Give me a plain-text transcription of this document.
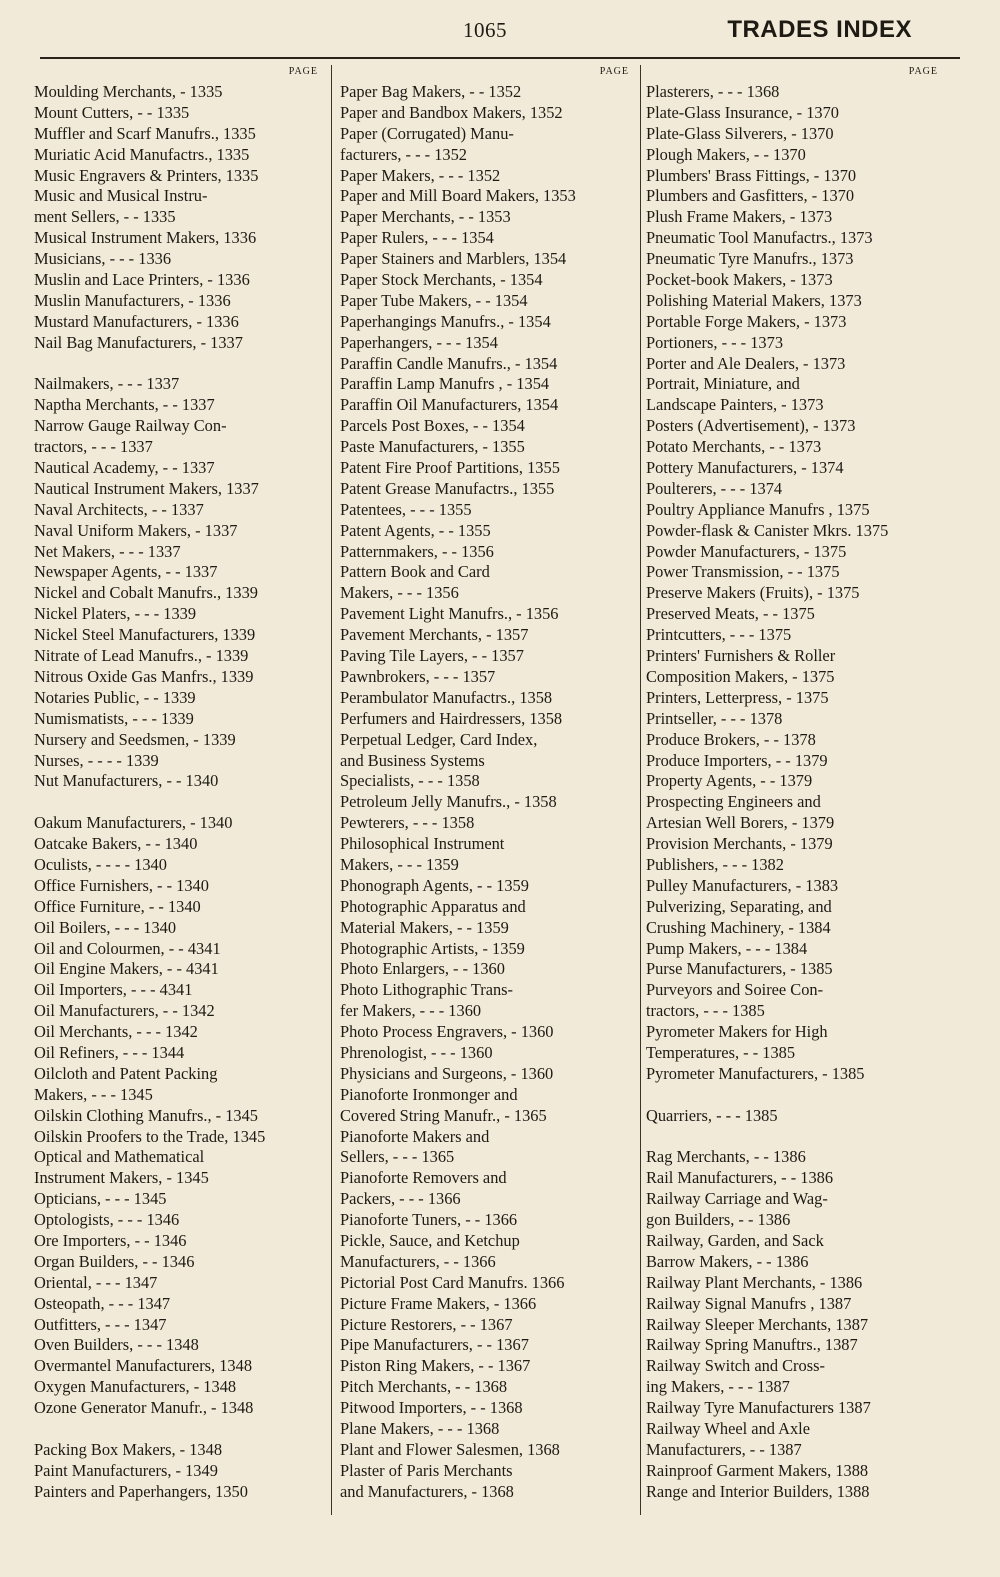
1065	TRADES INDEX
PAGE
Moulding Merchants, - 1335
Mount Cutters, - - 1335
Muffler and Scarf Manufrs., 1335
Muriatic Acid Manufactrs., 1335
Music Engravers & Printers, 1335
Music and Musical Instru-
ment Sellers, - - 1335
Musical Instrument Makers, 1336
Musicians, - - - 1336
Muslin and Lace Printers, - 1336
Muslin Manufacturers, - 1336
Mustard Manufacturers, - 1336
Nail Bag Manufacturers, - 1337
Nailmakers, - - - 1337
Naptha Merchants, - - 1337
Narrow Gauge Railway Con-
tractors, - - - 1337
Nautical Academy, - - 1337
Nautical Instrument Makers, 1337
Naval Architects, - - 1337
Naval Uniform Makers, - 1337
Net Makers, - - - 1337
Newspaper Agents, - - 1337
Nickel and Cobalt Manufrs., 1339
Nickel Platers, - - - 1339
Nickel Steel Manufacturers, 1339
Nitrate of Lead Manufrs., - 1339
Nitrous Oxide Gas Manfrs., 1339
Notaries Public, - - 1339
Numismatists, - - - 1339
Nursery and Seedsmen, - 1339
Nurses, - - - - 1339
Nut Manufacturers, - - 1340
Oakum Manufacturers, - 1340
Oatcake Bakers, - - 1340
Oculists, - - - - 1340
Office Furnishers, - - 1340
Office Furniture, - - 1340
Oil Boilers, - - - 1340
Oil and Colourmen, - - 4341
Oil Engine Makers, - - 4341
Oil Importers, - - - 4341
Oil Manufacturers, - - 1342
Oil Merchants, - - - 1342
Oil Refiners, - - - 1344
Oilcloth and Patent Packing
Makers, - - - 1345
Oilskin Clothing Manufrs., - 1345
Oilskin Proofers to the Trade, 1345
Optical and Mathematical
Instrument Makers, - 1345
Opticians, - - - 1345
Optologists, - - - 1346
Ore Importers, - - 1346
Organ Builders, - - 1346
Oriental, - - - 1347
Osteopath, - - - 1347
Outfitters, - - - 1347
Oven Builders, - - - 1348
Overmantel Manufacturers, 1348
Oxygen Manufacturers, - 1348
Ozone Generator Manufr., - 1348
Packing Box Makers, - 1348
Paint Manufacturers, - 1349
Painters and Paperhangers, 1350
PAGE
Paper Bag Makers, - - 1352
Paper and Bandbox Makers, 1352
Paper (Corrugated) Manu-
facturers, - - - 1352
Paper Makers, - - - 1352
Paper and Mill Board Makers, 1353
Paper Merchants, - - 1353
Paper Rulers, - - - 1354
Paper Stainers and Marblers, 1354
Paper Stock Merchants, - 1354
Paper Tube Makers, - - 1354
Paperhangings Manufrs., - 1354
Paperhangers, - - - 1354
Paraffin Candle Manufrs., - 1354
Paraffin Lamp Manufrs , - 1354
Paraffin Oil Manufacturers, 1354
Parcels Post Boxes, - - 1354
Paste Manufacturers, - 1355
Patent Fire Proof Partitions, 1355
Patent Grease Manufactrs., 1355
Patentees, - - - 1355
Patent Agents, - - 1355
Patternmakers, - - 1356
Pattern Book and Card
Makers, - - - 1356
Pavement Light Manufrs., - 1356
Pavement Merchants, - 1357
Paving Tile Layers, - - 1357
Pawnbrokers, - - - 1357
Perambulator Manufactrs., 1358
Perfumers and Hairdressers, 1358
Perpetual Ledger, Card Index,
and Business Systems
Specialists, - - - 1358
Petroleum Jelly Manufrs., - 1358
Pewterers, - - - 1358
Philosophical Instrument
Makers, - - - 1359
Phonograph Agents, - - 1359
Photographic Apparatus and
Material Makers, - - 1359
Photographic Artists, - 1359
Photo Enlargers, - - 1360
Photo Lithographic Trans-
fer Makers, - - - 1360
Photo Process Engravers, - 1360
Phrenologist, - - - 1360
Physicians and Surgeons, - 1360
Pianoforte Ironmonger and
Covered String Manufr., - 1365
Pianoforte Makers and
Sellers, - - - 1365
Pianoforte Removers and
Packers, - - - 1366
Pianoforte Tuners, - - 1366
Pickle, Sauce, and Ketchup
Manufacturers, - - 1366
Pictorial Post Card Manufrs. 1366
Picture Frame Makers, - 1366
Picture Restorers, - - 1367
Pipe Manufacturers, - - 1367
Piston Ring Makers, - - 1367
Pitch Merchants, - - 1368
Pitwood Importers, - - 1368
Plane Makers, - - - 1368
Plant and Flower Salesmen, 1368
Plaster of Paris Merchants
and Manufacturers, - 1368
PAGE
Plasterers, - - - 1368
Plate-Glass Insurance, - 1370
Plate-Glass Silverers, - 1370
Plough Makers, - - 1370
Plumbers' Brass Fittings, - 1370
Plumbers and Gasfitters, - 1370
Plush Frame Makers, - 1373
Pneumatic Tool Manufactrs., 1373
Pneumatic Tyre Manufrs., 1373
Pocket-book Makers, - 1373
Polishing Material Makers, 1373
Portable Forge Makers, - 1373
Portioners, - - - 1373
Porter and Ale Dealers, - 1373
Portrait, Miniature, and
Landscape Painters, - 1373
Posters (Advertisement), - 1373
Potato Merchants, - - 1373
Pottery Manufacturers, - 1374
Poulterers, - - - 1374
Poultry Appliance Manufrs , 1375
Powder-flask & Canister Mkrs. 1375
Powder Manufacturers, - 1375
Power Transmission, - - 1375
Preserve Makers (Fruits), - 1375
Preserved Meats, - - 1375
Printcutters, - - - 1375
Printers' Furnishers & Roller
Composition Makers, - 1375
Printers, Letterpress, - 1375
Printseller, - - - 1378
Produce Brokers, - - 1378
Produce Importers, - - 1379
Property Agents, - - 1379
Prospecting Engineers and
Artesian Well Borers, - 1379
Provision Merchants, - 1379
Publishers, - - - 1382
Pulley Manufacturers, - 1383
Pulverizing, Separating, and
Crushing Machinery, - 1384
Pump Makers, - - - 1384
Purse Manufacturers, - 1385
Purveyors and Soiree Con-
tractors, - - - 1385
Pyrometer Makers for High
Temperatures, - - 1385
Pyrometer Manufacturers, - 1385
Quarriers, - - - 1385
Rag Merchants, - - 1386
Rail Manufacturers, - - 1386
Railway Carriage and Wag-
gon Builders, - - 1386
Railway, Garden, and Sack
Barrow Makers, - - 1386
Railway Plant Merchants, - 1386
Railway Signal Manufrs , 1387
Railway Sleeper Merchants, 1387
Railway Spring Manuftrs., 1387
Railway Switch and Cross-
ing Makers, - - - 1387
Railway Tyre Manufacturers 1387
Railway Wheel and Axle
Manufacturers, - - 1387
Rainproof Garment Makers, 1388
Range and Interior Builders, 1388
